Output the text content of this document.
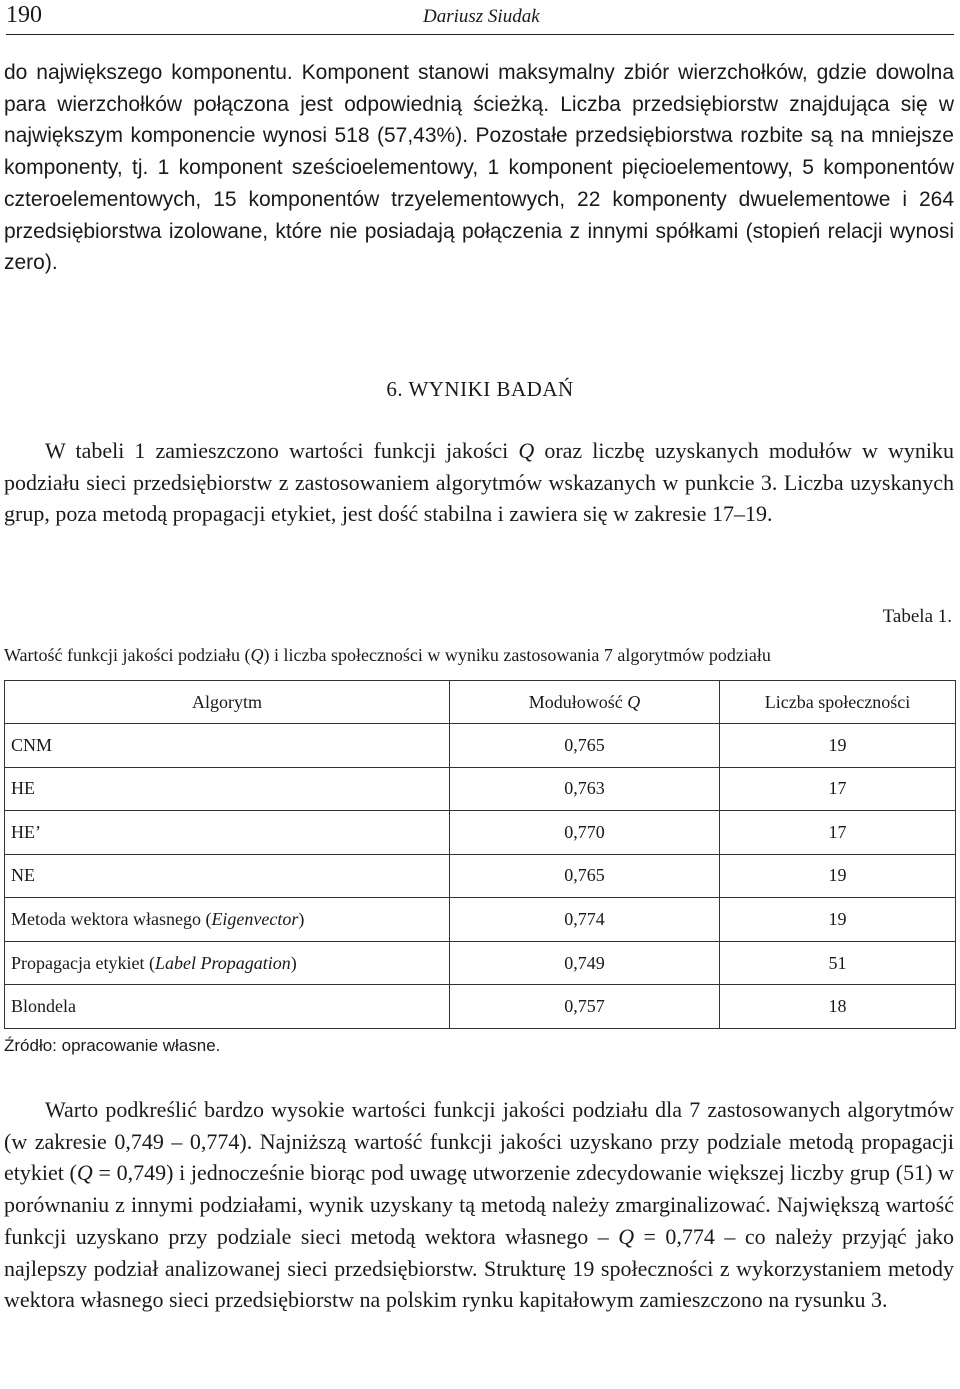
190	Dariusz Siudak

do największego komponentu. Komponent stanowi maksymalny zbiór wierzchołków, gdzie dowolna para wierzchołków połączona jest odpowiednią ścieżką. Liczba przedsiębiorstw znajdująca się w największym komponencie wynosi 518 (57,43%). Pozostałe przedsiębiorstwa rozbite są na mniejsze komponenty, tj. 1 komponent sześcioelementowy, 1 komponent pięcioelementowy, 5 komponentów czteroelementowych, 15 komponentów trzyelementowych, 22 komponenty dwuelementowe i 264 przedsiębiorstwa izolowane, które nie posiadają połączenia z innymi spółkami (stopień relacji wynosi zero).

6. WYNIKI BADAŃ

W tabeli 1 zamieszczono wartości funkcji jakości Q oraz liczbę uzyskanych modułów w wyniku podziału sieci przedsiębiorstw z zastosowaniem algorytmów wskazanych w punkcie 3. Liczba uzyskanych grup, poza metodą propagacji etykiet, jest dość stabilna i zawiera się w zakresie 17–19.

Tabela 1.
Wartość funkcji jakości podziału (Q) i liczba społeczności w wyniku zastosowania 7 algorytmów podziału
Algorytm	Modułowość Q	Liczba społeczności
CNM	0,765	19
HE	0,763	17
HE’	0,770	17
NE	0,765	19
Metoda wektora własnego (Eigenvector)	0,774	19
Propagacja etykiet (Label Propagation)	0,749	51
Blondela	0,757	18
Źródło: opracowanie własne.

Warto podkreślić bardzo wysokie wartości funkcji jakości podziału dla 7 zastosowanych algorytmów (w zakresie 0,749 – 0,774). Najniższą wartość funkcji jakości uzyskano przy podziale metodą propagacji etykiet (Q = 0,749) i jednocześnie biorąc pod uwagę utworzenie zdecydowanie większej liczby grup (51) w porównaniu z innymi podziałami, wynik uzyskany tą metodą należy zmarginalizować. Największą wartość funkcji uzyskano przy podziale sieci metodą wektora własnego – Q = 0,774 – co należy przyjąć jako najlepszy podział analizowanej sieci przedsiębiorstw. Strukturę 19 społeczności z wykorzystaniem metody wektora własnego sieci przedsiębiorstw na polskim rynku kapitałowym zamieszczono na rysunku 3.
